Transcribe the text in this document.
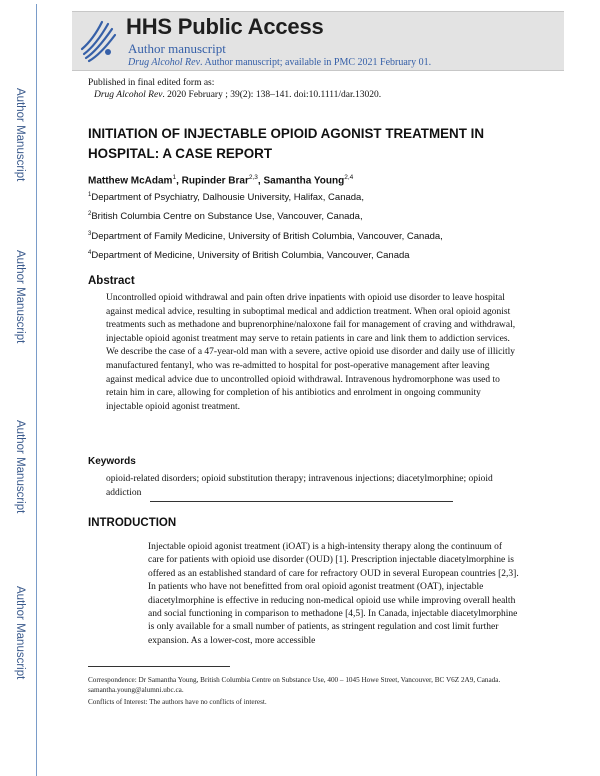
Author Manuscript
Author Manuscript
Author Manuscript
Author Manuscript
HHS Public Access
Author manuscript
Drug Alcohol Rev. Author manuscript; available in PMC 2021 February 01.
Published in final edited form as:
Drug Alcohol Rev. 2020 February ; 39(2): 138–141. doi:10.1111/dar.13020.
INITIATION OF INJECTABLE OPIOID AGONIST TREATMENT IN HOSPITAL: A CASE REPORT
Matthew McAdam$^1$, Rupinder Brar$^{2,3}$, Samantha Young$^{2,4}$
$^1$Department of Psychiatry, Dalhousie University, Halifax, Canada,
$^2$British Columbia Centre on Substance Use, Vancouver, Canada,
$^3$Department of Family Medicine, University of British Columbia, Vancouver, Canada,
$^4$Department of Medicine, University of British Columbia, Vancouver, Canada
Abstract
Uncontrolled opioid withdrawal and pain often drive inpatients with opioid use disorder to leave hospital against medical advice, resulting in suboptimal medical and addiction treatment. When oral opioid agonist treatments such as methadone and buprenorphine/naloxone fail for management of craving and withdrawal, injectable opioid agonist treatment may serve to retain patients in care and link them to addiction services. We describe the case of a 47-year-old man with a severe, active opioid use disorder and daily use of illicitly manufactured fentanyl, who was re-admitted to hospital for post-operative management after leaving against medical advice due to uncontrolled opioid withdrawal. Intravenous hydromorphone was used to retain him in care, allowing for completion of his antibiotics and enrolment in ongoing community injectable opioid agonist treatment.
Keywords
opioid-related disorders; opioid substitution therapy; intravenous injections; diacetylmorphine; opioid addiction
INTRODUCTION
Injectable opioid agonist treatment (iOAT) is a high-intensity therapy along the continuum of care for patients with opioid use disorder (OUD) [1]. Prescription injectable diacetylmorphine is offered as an established standard of care for refractory OUD in several European countries [2,3]. In patients who have not benefitted from oral opioid agonist treatment (OAT), injectable diacetylmorphine is effective in reducing non-medical opioid use while improving overall health and social functioning in comparison to methadone [4,5]. In Canada, injectable diacetylmorphine is only available for a small number of patients, as stringent regulation and cost limit further expansion. As a lower-cost, more accessible
Correspondence: Dr Samantha Young, British Columbia Centre on Substance Use, 400 – 1045 Howe Street, Vancouver, BC V6Z 2A9, Canada. samantha.young@alumni.ubc.ca.
Conflicts of Interest: The authors have no conflicts of interest.
